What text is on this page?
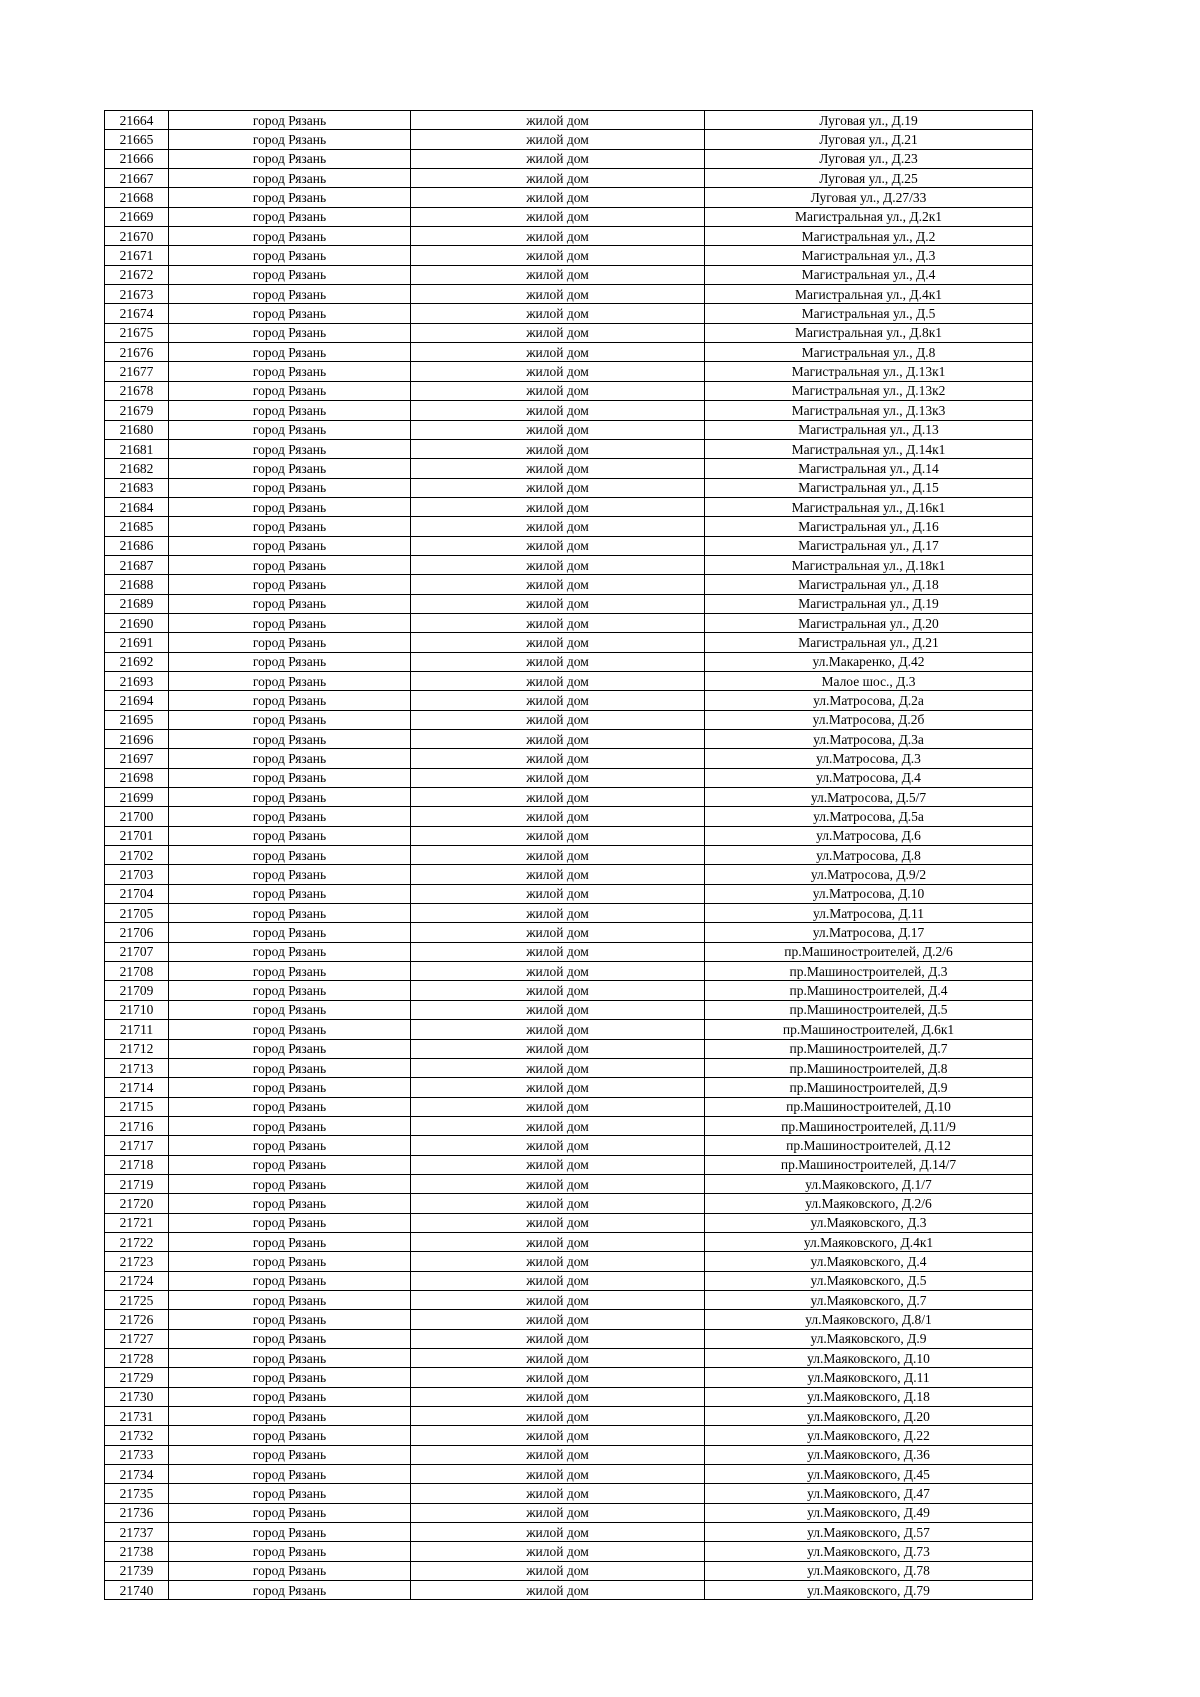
21664	город Рязань	жилой дом	Луговая ул., Д.19
21665	город Рязань	жилой дом	Луговая ул., Д.21
21666	город Рязань	жилой дом	Луговая ул., Д.23
21667	город Рязань	жилой дом	Луговая ул., Д.25
21668	город Рязань	жилой дом	Луговая ул., Д.27/33
21669	город Рязань	жилой дом	Магистральная ул., Д.2к1
21670	город Рязань	жилой дом	Магистральная ул., Д.2
21671	город Рязань	жилой дом	Магистральная ул., Д.3
21672	город Рязань	жилой дом	Магистральная ул., Д.4
21673	город Рязань	жилой дом	Магистральная ул., Д.4к1
21674	город Рязань	жилой дом	Магистральная ул., Д.5
21675	город Рязань	жилой дом	Магистральная ул., Д.8к1
21676	город Рязань	жилой дом	Магистральная ул., Д.8
21677	город Рязань	жилой дом	Магистральная ул., Д.13к1
21678	город Рязань	жилой дом	Магистральная ул., Д.13к2
21679	город Рязань	жилой дом	Магистральная ул., Д.13к3
21680	город Рязань	жилой дом	Магистральная ул., Д.13
21681	город Рязань	жилой дом	Магистральная ул., Д.14к1
21682	город Рязань	жилой дом	Магистральная ул., Д.14
21683	город Рязань	жилой дом	Магистральная ул., Д.15
21684	город Рязань	жилой дом	Магистральная ул., Д.16к1
21685	город Рязань	жилой дом	Магистральная ул., Д.16
21686	город Рязань	жилой дом	Магистральная ул., Д.17
21687	город Рязань	жилой дом	Магистральная ул., Д.18к1
21688	город Рязань	жилой дом	Магистральная ул., Д.18
21689	город Рязань	жилой дом	Магистральная ул., Д.19
21690	город Рязань	жилой дом	Магистральная ул., Д.20
21691	город Рязань	жилой дом	Магистральная ул., Д.21
21692	город Рязань	жилой дом	ул.Макаренко, Д.42
21693	город Рязань	жилой дом	Малое шос., Д.3
21694	город Рязань	жилой дом	ул.Матросова, Д.2а
21695	город Рязань	жилой дом	ул.Матросова, Д.2б
21696	город Рязань	жилой дом	ул.Матросова, Д.3а
21697	город Рязань	жилой дом	ул.Матросова, Д.3
21698	город Рязань	жилой дом	ул.Матросова, Д.4
21699	город Рязань	жилой дом	ул.Матросова, Д.5/7
21700	город Рязань	жилой дом	ул.Матросова, Д.5а
21701	город Рязань	жилой дом	ул.Матросова, Д.6
21702	город Рязань	жилой дом	ул.Матросова, Д.8
21703	город Рязань	жилой дом	ул.Матросова, Д.9/2
21704	город Рязань	жилой дом	ул.Матросова, Д.10
21705	город Рязань	жилой дом	ул.Матросова, Д.11
21706	город Рязань	жилой дом	ул.Матросова, Д.17
21707	город Рязань	жилой дом	пр.Машиностроителей, Д.2/6
21708	город Рязань	жилой дом	пр.Машиностроителей, Д.3
21709	город Рязань	жилой дом	пр.Машиностроителей, Д.4
21710	город Рязань	жилой дом	пр.Машиностроителей, Д.5
21711	город Рязань	жилой дом	пр.Машиностроителей, Д.6к1
21712	город Рязань	жилой дом	пр.Машиностроителей, Д.7
21713	город Рязань	жилой дом	пр.Машиностроителей, Д.8
21714	город Рязань	жилой дом	пр.Машиностроителей, Д.9
21715	город Рязань	жилой дом	пр.Машиностроителей, Д.10
21716	город Рязань	жилой дом	пр.Машиностроителей, Д.11/9
21717	город Рязань	жилой дом	пр.Машиностроителей, Д.12
21718	город Рязань	жилой дом	пр.Машиностроителей, Д.14/7
21719	город Рязань	жилой дом	ул.Маяковского, Д.1/7
21720	город Рязань	жилой дом	ул.Маяковского, Д.2/6
21721	город Рязань	жилой дом	ул.Маяковского, Д.3
21722	город Рязань	жилой дом	ул.Маяковского, Д.4к1
21723	город Рязань	жилой дом	ул.Маяковского, Д.4
21724	город Рязань	жилой дом	ул.Маяковского, Д.5
21725	город Рязань	жилой дом	ул.Маяковского, Д.7
21726	город Рязань	жилой дом	ул.Маяковского, Д.8/1
21727	город Рязань	жилой дом	ул.Маяковского, Д.9
21728	город Рязань	жилой дом	ул.Маяковского, Д.10
21729	город Рязань	жилой дом	ул.Маяковского, Д.11
21730	город Рязань	жилой дом	ул.Маяковского, Д.18
21731	город Рязань	жилой дом	ул.Маяковского, Д.20
21732	город Рязань	жилой дом	ул.Маяковского, Д.22
21733	город Рязань	жилой дом	ул.Маяковского, Д.36
21734	город Рязань	жилой дом	ул.Маяковского, Д.45
21735	город Рязань	жилой дом	ул.Маяковского, Д.47
21736	город Рязань	жилой дом	ул.Маяковского, Д.49
21737	город Рязань	жилой дом	ул.Маяковского, Д.57
21738	город Рязань	жилой дом	ул.Маяковского, Д.73
21739	город Рязань	жилой дом	ул.Маяковского, Д.78
21740	город Рязань	жилой дом	ул.Маяковского, Д.79
